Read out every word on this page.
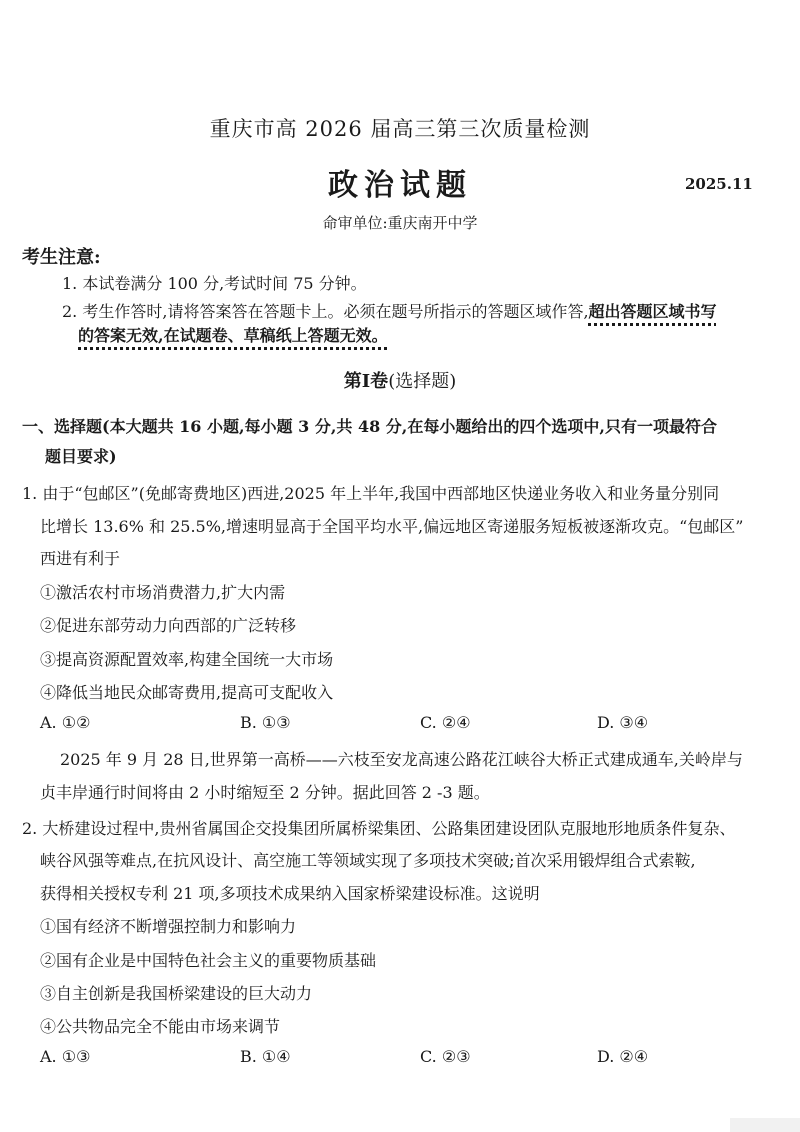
重庆市高 2026 届高三第三次质量检测
政治试题	2025.11
命审单位:重庆南开中学
考生注意:
1. 本试卷满分 100 分,考试时间 75 分钟。
2. 考生作答时,请将答案答在答题卡上。必须在题号所指示的答题区域作答,超出答题区域书写
的答案无效,在试题卷、草稿纸上答题无效。
第Ⅰ卷(选择题)
一、选择题(本大题共 16 小题,每小题 3 分,共 48 分,在每小题给出的四个选项中,只有一项最符合
题目要求)
1. 由于“包邮区”(免邮寄费地区)西进,2025 年上半年,我国中西部地区快递业务收入和业务量分别同
比增长 13.6% 和 25.5%,增速明显高于全国平均水平,偏远地区寄递服务短板被逐渐攻克。“包邮区”
西进有利于
①激活农村市场消费潜力,扩大内需
②促进东部劳动力向西部的广泛转移
③提高资源配置效率,构建全国统一大市场
④降低当地民众邮寄费用,提高可支配收入
A. ①②	B. ①③	C. ②④	D. ③④
2025 年 9 月 28 日,世界第一高桥——六枝至安龙高速公路花江峡谷大桥正式建成通车,关岭岸与
贞丰岸通行时间将由 2 小时缩短至 2 分钟。据此回答 2 -3 题。
2. 大桥建设过程中,贵州省属国企交投集团所属桥梁集团、公路集团建设团队克服地形地质条件复杂、
峡谷风强等难点,在抗风设计、高空施工等领域实现了多项技术突破;首次采用锻焊组合式索鞍,
获得相关授权专利 21 项,多项技术成果纳入国家桥梁建设标准。这说明
①国有经济不断增强控制力和影响力
②国有企业是中国特色社会主义的重要物质基础
③自主创新是我国桥梁建设的巨大动力
④公共物品完全不能由市场来调节
A. ①③	B. ①④	C. ②③	D. ②④
